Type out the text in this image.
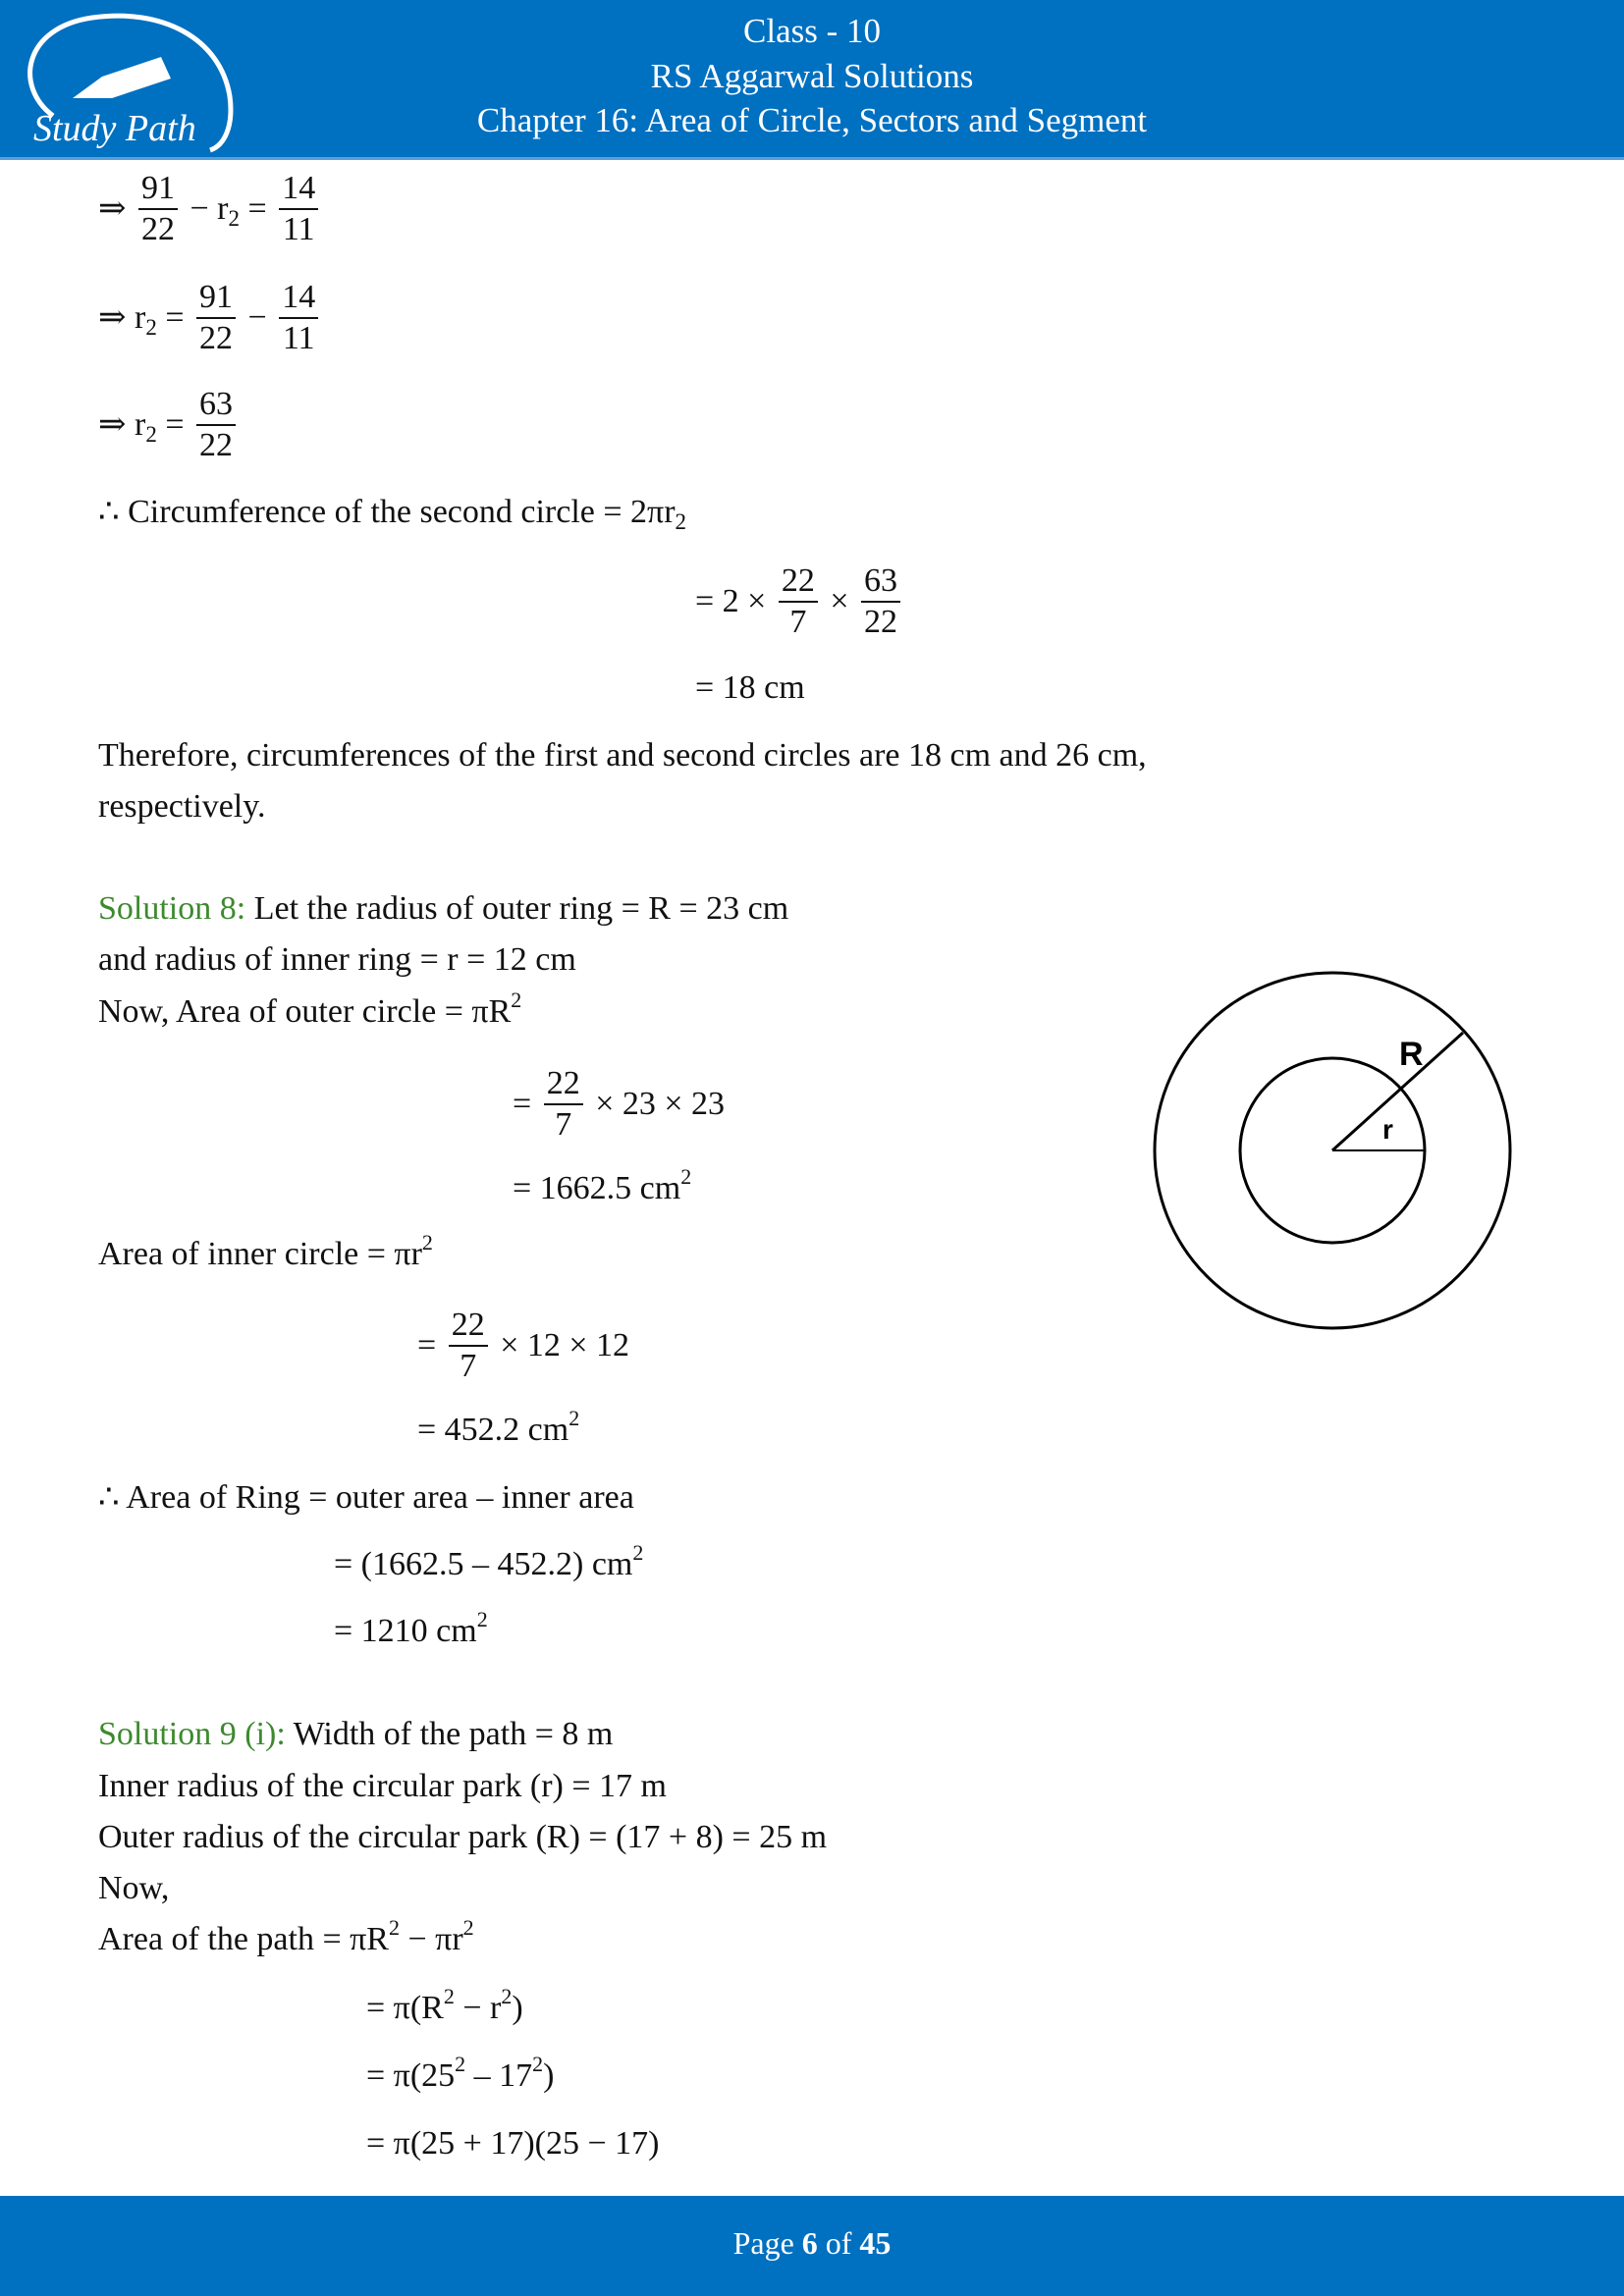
Study Path
Class - 10
RS Aggarwal Solutions
Chapter 16: Area of Circle, Sectors and Segment
⇒ $\frac{91}{22} - r$ $2 = \frac{14}{11}$
⇒ r $2 = \frac{91}{22} - \frac{14}{11}$
⇒ r $2 = \frac{63}{22}$
∴ Circumference of the second circle = 2πr 2
= $2 \times \frac{22}{7} \times \frac{63}{22}$
= 18 cm
Therefore, circumferences of the first and second circles are 18 cm and 26 cm,
respectively.
Solution 8: Let the radius of outer ring = R = 23 cm
and radius of inner ring = r = 12 cm
Now, Area of outer circle = πR 2
= $\frac{22}{7} \times 23 \times 23$
= 1662.5 cm 2
Area of inner circle = πr 2
= $\frac{22}{7} \times 12 \times 12$
= 452.2 cm 2
∴ Area of Ring = outer area – inner area
= (1662.5 – 452.2) cm 2
= 1210 cm 2
Solution 9 (i): Width of the path = 8 m
Inner radius of the circular park (r) = 17 m
Outer radius of the circular park (R) = (17 + 8) = 25 m
Now,
Area of the path = πR 2 − πr 2
= π(R 2 − r 2 )
= π(25 2 – 17 2 )
= π(25 + 17)(25 − 17)
R
r
Page 6 of 45
